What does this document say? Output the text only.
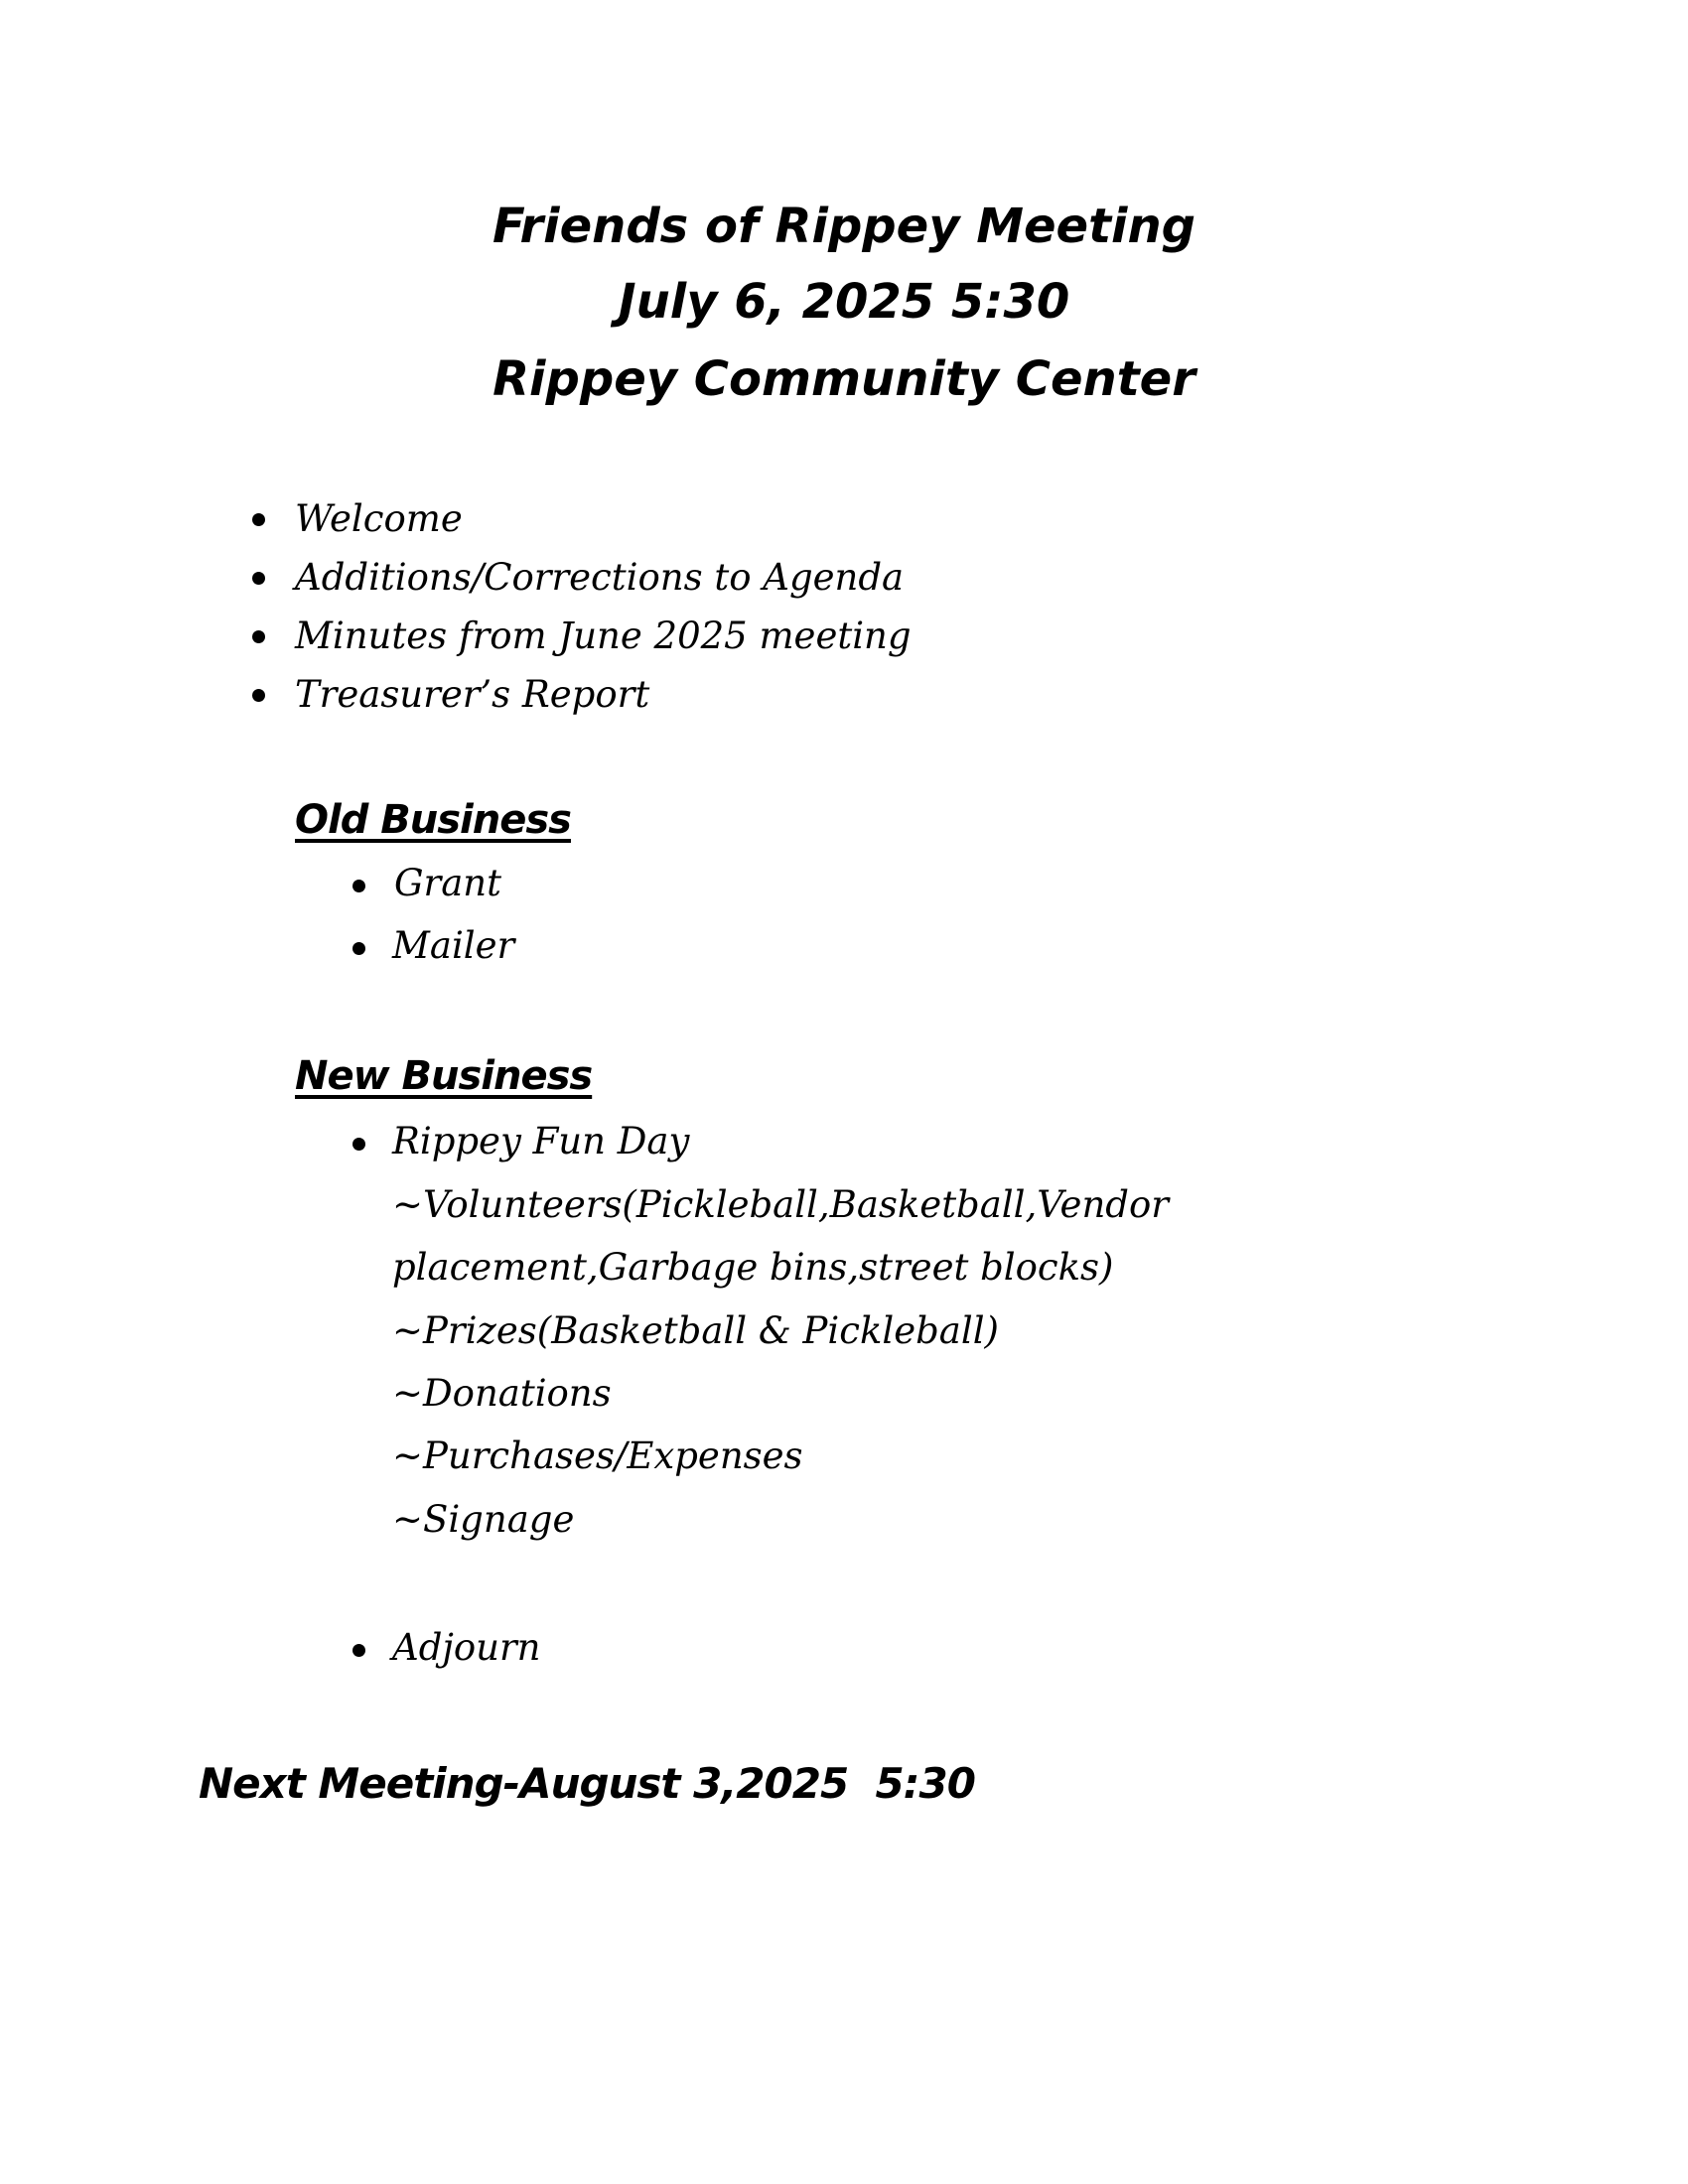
Friends of Rippey Meeting
July 6, 2025 5:30
Rippey Community Center
Welcome
Additions/Corrections to Agenda
Minutes from June 2025 meeting
Treasurer’s Report
Old Business
Grant
Mailer
New Business
Rippey Fun Day
~Volunteers(Pickleball,Basketball,Vendor
placement,Garbage bins,street blocks)
~Prizes(Basketball & Pickleball)
~Donations
~Purchases/Expenses
~Signage
Adjourn
Next Meeting-August 3,2025  5:30
